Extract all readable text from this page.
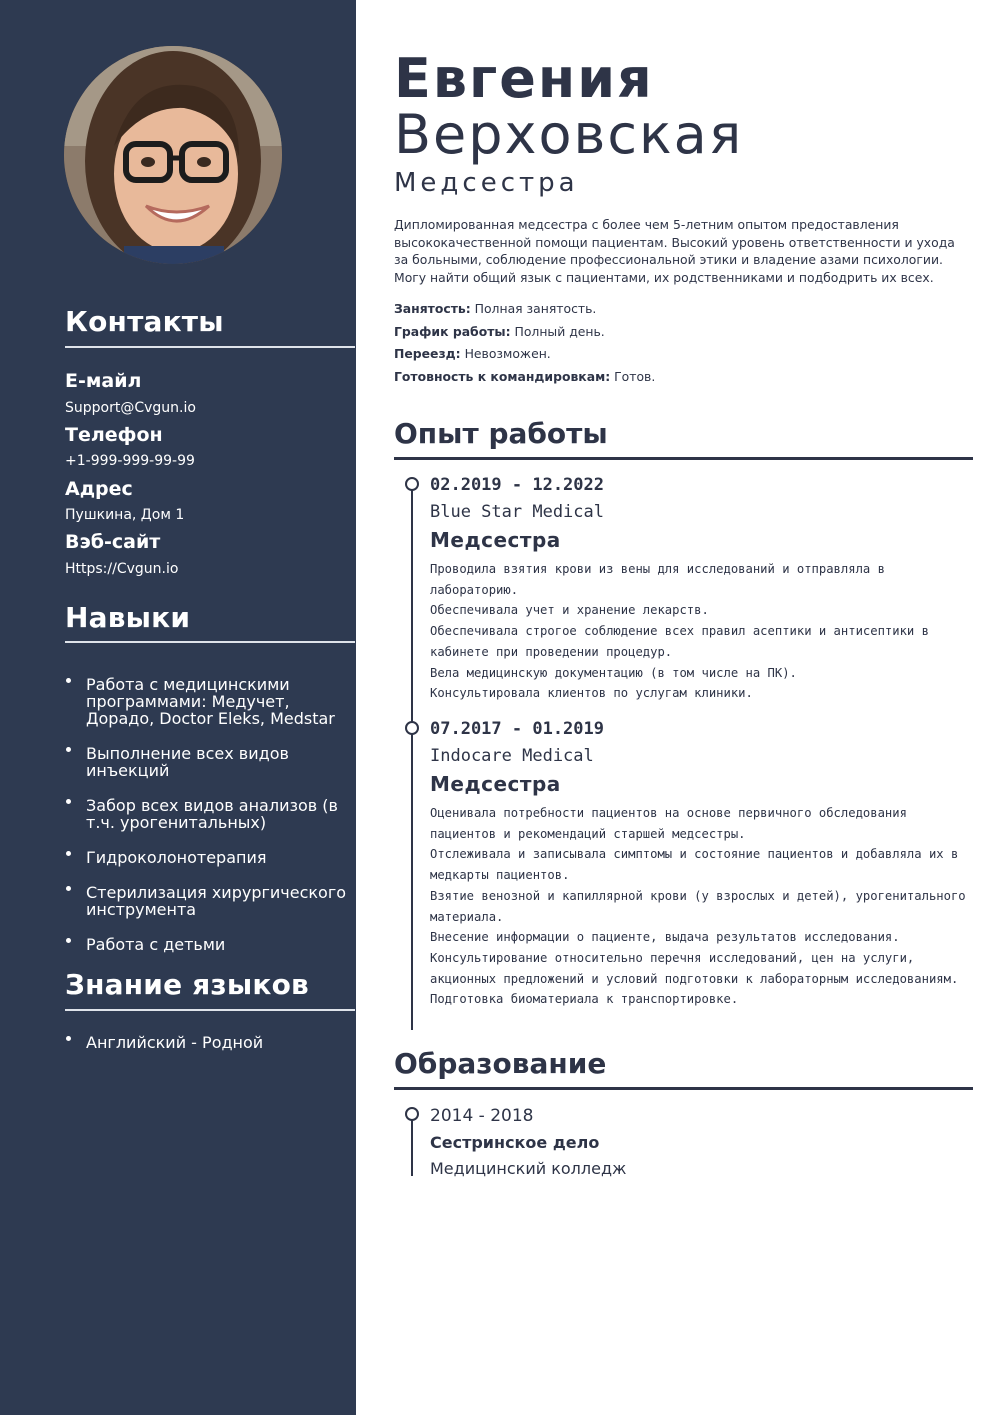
Контакты
Е-майл
Support@Cvgun.io
Телефон
+1-999-999-99-99
Адрес
Пушкина, Дом 1
Вэб-сайт
Https://Cvgun.io
Навыки
Работа с медицинскими программами: Медучет, Дорадо, Doctor Eleks, Medstar
Выполнение всех видов инъекций
Забор всех видов анализов (в т.ч. урогенитальных)
Гидроколонотерапия
Стерилизация хирургического инструмента
Работа с детьми
Знание языков
Английский - Родной
Евгения
Верховская
Медсестра
Дипломированная медсестра с более чем 5-летним опытом предоставления высококачественной помощи пациентам. Высокий уровень ответственности и ухода за больными, соблюдение профессиональной этики и владение азами психологии. Могу найти общий язык с пациентами, их родственниками и подбодрить их всех.
Занятость: Полная занятость.
График работы: Полный день.
Переезд: Невозможен.
Готовность к командировкам: Готов.
Опыт работы
02.2019 - 12.2022
Blue Star Medical
Медсестра
Проводила взятия крови из вены для исследований и отправляла в лабораторию.
Обеспечивала учет и хранение лекарств.
Обеспечивала строгое соблюдение всех правил асептики и антисептики в кабинете при проведении процедур.
Вела медицинскую документацию (в том числе на ПК).
Консультировала клиентов по услугам клиники.
07.2017 - 01.2019
Indocare Medical
Медсестра
Оценивала потребности пациентов на основе первичного обследования пациентов и рекомендаций старшей медсестры.
Отслеживала и записывала симптомы и состояние пациентов и добавляла их в медкарты пациентов.
Взятие венозной и капиллярной крови (у взрослых и детей), урогенитального материала.
Внесение информации о пациенте, выдача результатов исследования.
Консультирование относительно перечня исследований, цен на услуги, акционных предложений и условий подготовки к лабораторным исследованиям.
Подготовка биоматериала к транспортировке.
Образование
2014 - 2018
Сестринское дело
Медицинский колледж
